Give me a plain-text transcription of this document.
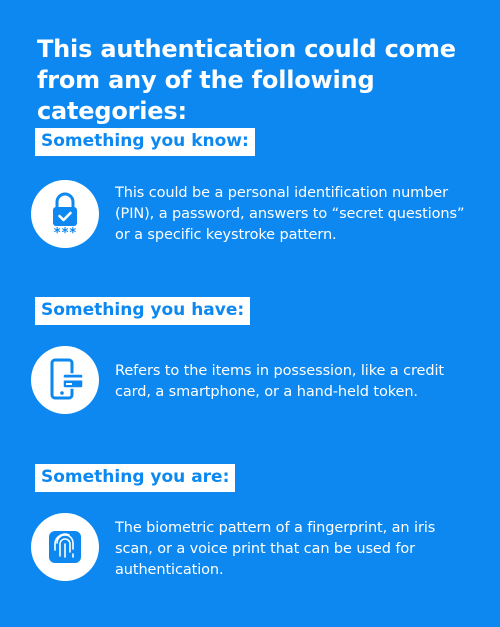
This authentication could come from any of the following categories:
Something you know:
***
This could be a personal identification number (PIN), a password, answers to “secret questions” or a specific keystroke pattern.
Something you have:
Refers to the items in possession, like a credit card, a smartphone, or a hand-held token.
Something you are:
The biometric pattern of a fingerprint, an iris scan, or a voice print that can be used for authentication.
